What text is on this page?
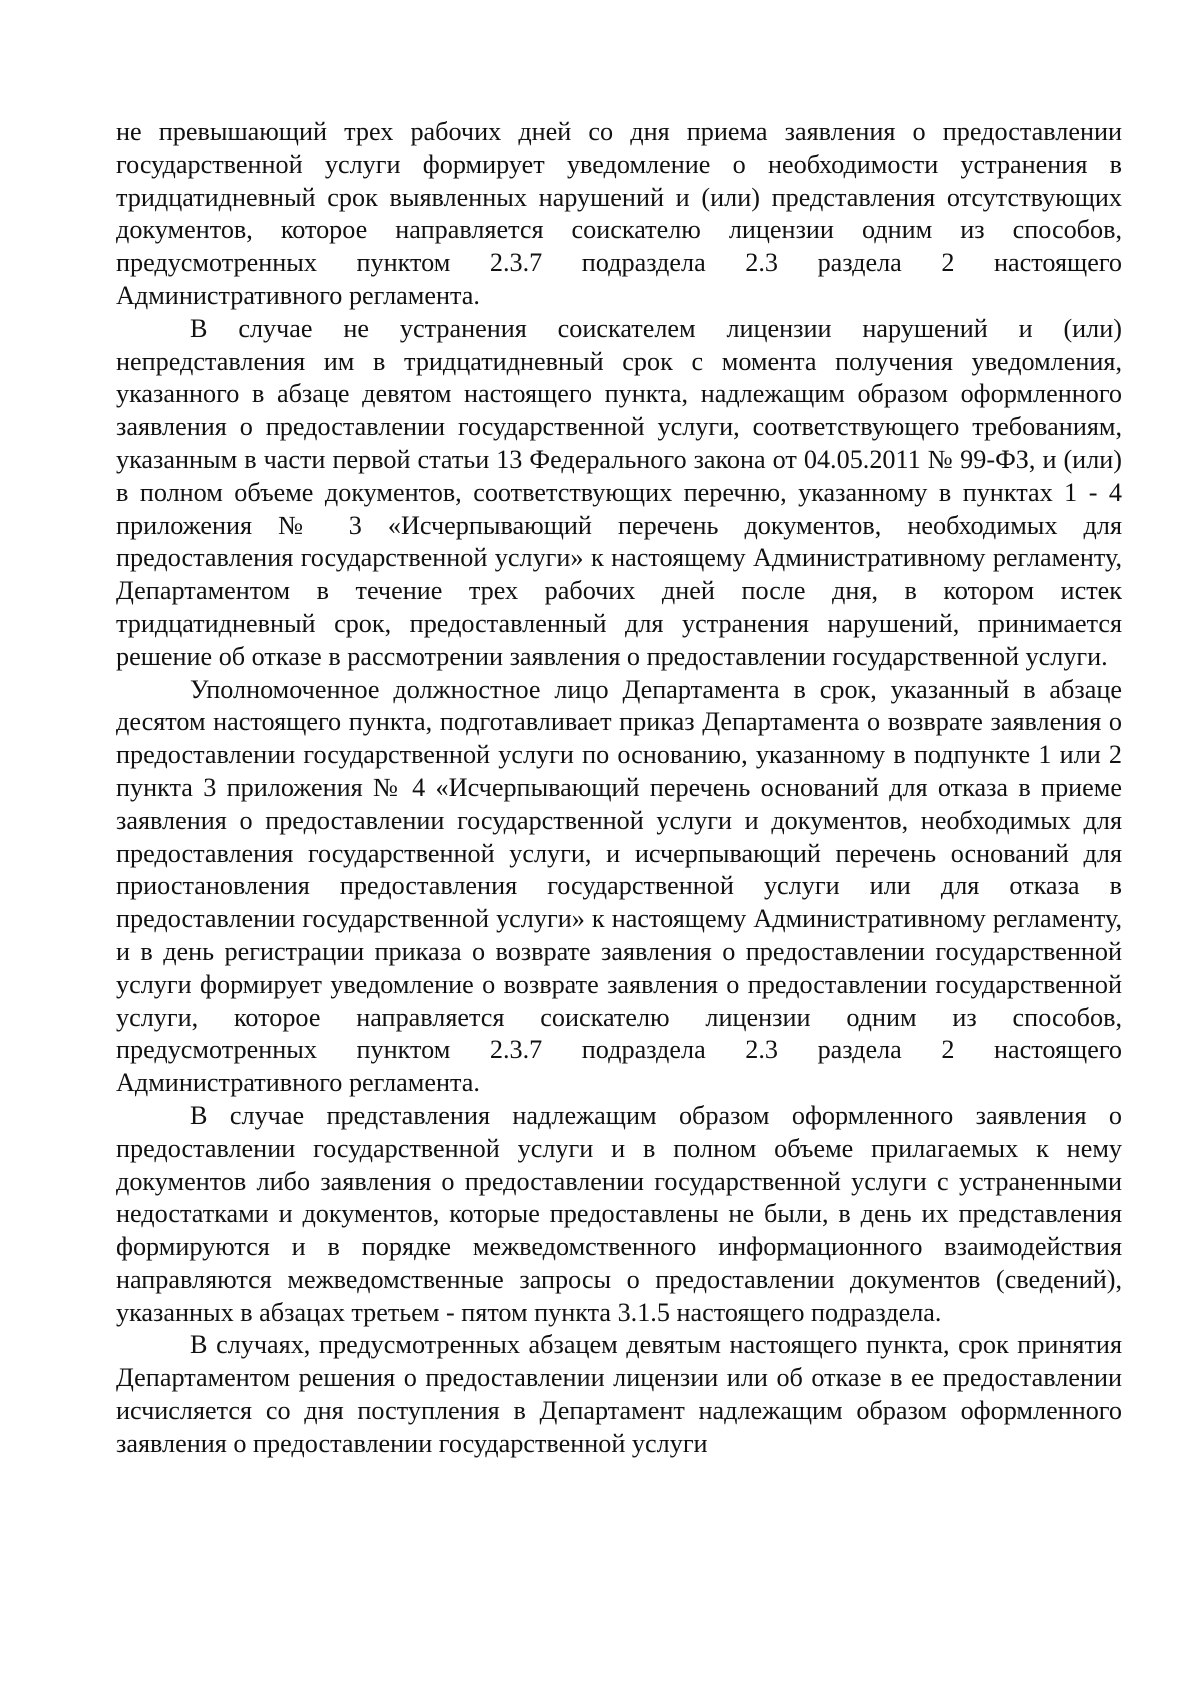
не превышающий трех рабочих дней со дня приема заявления о предоставлении государственной услуги формирует уведомление о необходимости устранения в тридцатидневный срок выявленных нарушений и (или) представления отсутствующих документов, которое направляется соискателю лицензии одним из способов, предусмотренных пунктом 2.3.7 подраздела 2.3 раздела 2 настоящего Административного регламента.

В случае не устранения соискателем лицензии нарушений и (или) непредставления им в тридцатидневный срок с момента получения уведомления, указанного в абзаце девятом настоящего пункта, надлежащим образом оформленного заявления о предоставлении государственной услуги, соответствующего требованиям, указанным в части первой статьи 13 Федерального закона от 04.05.2011 № 99-ФЗ, и (или) в полном объеме документов, соответствующих перечню, указанному в пунктах 1 - 4 приложения № 3 «Исчерпывающий перечень документов, необходимых для предоставления государственной услуги» к настоящему Административному регламенту, Департаментом в течение трех рабочих дней после дня, в котором истек тридцатидневный срок, предоставленный для устранения нарушений, принимается решение об отказе в рассмотрении заявления о предоставлении государственной услуги.

Уполномоченное должностное лицо Департамента в срок, указанный в абзаце десятом настоящего пункта, подготавливает приказ Департамента о возврате заявления о предоставлении государственной услуги по основанию, указанному в подпункте 1 или 2 пункта 3 приложения № 4 «Исчерпывающий перечень оснований для отказа в приеме заявления о предоставлении государственной услуги и документов, необходимых для предоставления государственной услуги, и исчерпывающий перечень оснований для приостановления предоставления государственной услуги или для отказа в предоставлении государственной услуги» к настоящему Административному регламенту, и в день регистрации приказа о возврате заявления о предоставлении государственной услуги формирует уведомление о возврате заявления о предоставлении государственной услуги, которое направляется соискателю лицензии одним из способов, предусмотренных пунктом 2.3.7 подраздела 2.3 раздела 2 настоящего Административного регламента.

В случае представления надлежащим образом оформленного заявления о предоставлении государственной услуги и в полном объеме прилагаемых к нему документов либо заявления о предоставлении государственной услуги с устраненными недостатками и документов, которые предоставлены не были, в день их представления формируются и в порядке межведомственного информационного взаимодействия направляются межведомственные запросы о предоставлении документов (сведений), указанных в абзацах третьем - пятом пункта 3.1.5 настоящего подраздела.

В случаях, предусмотренных абзацем девятым настоящего пункта, срок принятия Департаментом решения о предоставлении лицензии или об отказе в ее предоставлении исчисляется со дня поступления в Департамент надлежащим образом оформленного заявления о предоставлении государственной услуги
